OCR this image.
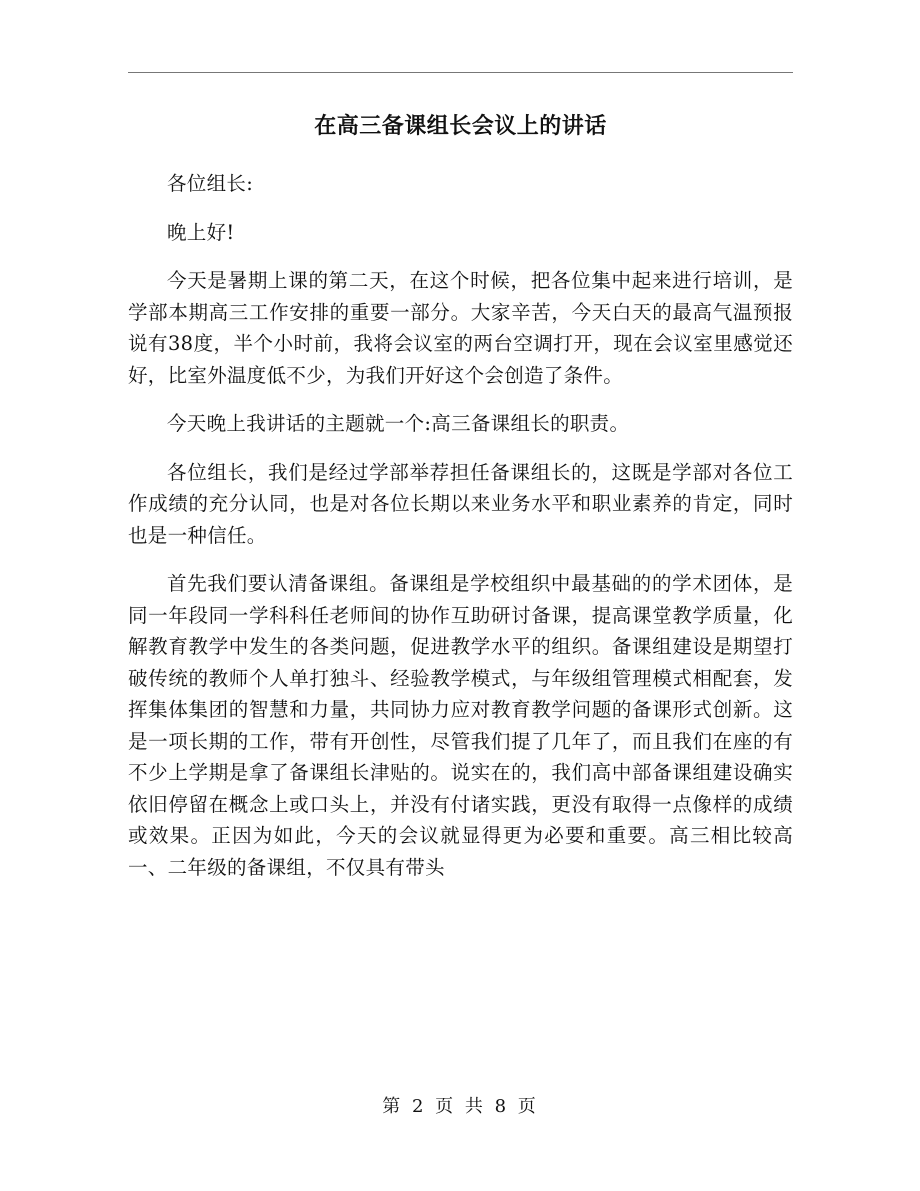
在高三备课组长会议上的讲话

各位组长:

晚上好!

今天是暑期上课的第二天，在这个时候，把各位集中起来进行培训，是学部本期高三工作安排的重要一部分。大家辛苦，今天白天的最高气温预报说有38度，半个小时前，我将会议室的两台空调打开，现在会议室里感觉还好，比室外温度低不少，为我们开好这个会创造了条件。

今天晚上我讲话的主题就一个:高三备课组长的职责。

各位组长，我们是经过学部举荐担任备课组长的，这既是学部对各位工作成绩的充分认同，也是对各位长期以来业务水平和职业素养的肯定，同时也是一种信任。

首先我们要认清备课组。备课组是学校组织中最基础的的学术团体，是同一年段同一学科科任老师间的协作互助研讨备课，提高课堂教学质量，化解教育教学中发生的各类问题，促进教学水平的组织。备课组建设是期望打破传统的教师个人单打独斗、经验教学模式，与年级组管理模式相配套，发挥集体集团的智慧和力量，共同协力应对教育教学问题的备课形式创新。这是一项长期的工作，带有开创性，尽管我们提了几年了，而且我们在座的有不少上学期是拿了备课组长津贴的。说实在的，我们高中部备课组建设确实依旧停留在概念上或口头上，并没有付诸实践，更没有取得一点像样的成绩或效果。正因为如此，今天的会议就显得更为必要和重要。高三相比较高一、二年级的备课组，不仅具有带头

第 2 页 共 8 页
